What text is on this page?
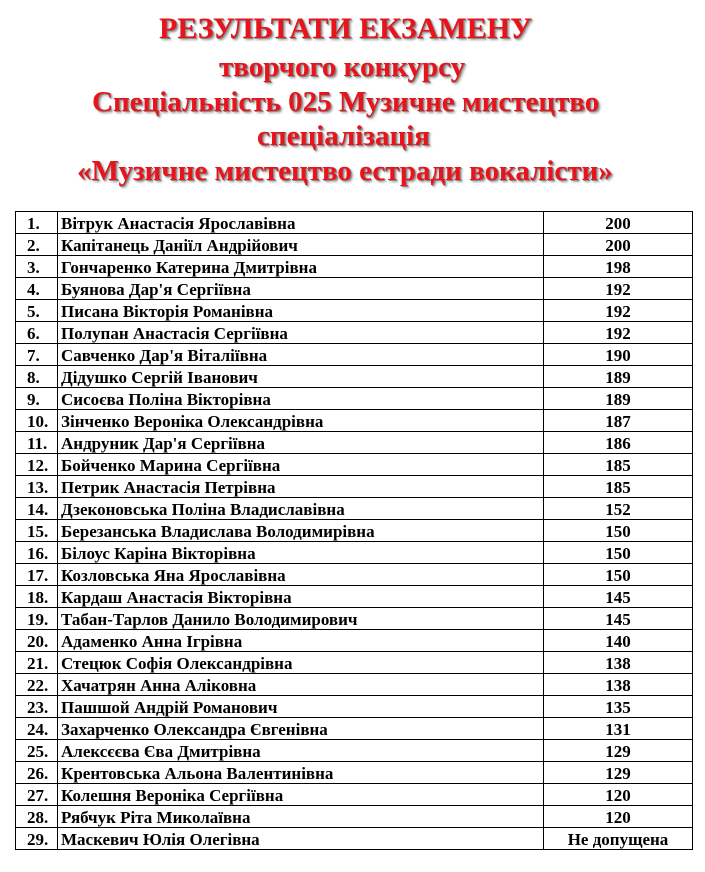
РЕЗУЛЬТАТИ ЕКЗАМЕНУ
творчого конкурсу
Спеціальність 025 Музичне мистецтво
спеціалізація
«Музичне мистецтво естради вокалісти»
1.	Вітрук Анастасія Ярославівна	200
2.	Капітанець Даніїл Андрійович	200
3.	Гончаренко Катерина Дмитрівна	198
4.	Буянова Дар'я Сергіївна	192
5.	Писана Вікторія Романівна	192
6.	Полупан Анастасія Сергіївна	192
7.	Савченко Дар'я Віталіївна	190
8.	Дідушко Сергій Іванович	189
9.	Сисоєва Поліна Вікторівна	189
10.	Зінченко Вероніка Олександрівна	187
11.	Андруник Дар'я Сергіївна	186
12.	Бойченко Марина Сергіївна	185
13.	Петрик Анастасія Петрівна	185
14.	Дзеконовська Поліна Владиславівна	152
15.	Березанська Владислава Володимирівна	150
16.	Білоус Каріна Вікторівна	150
17.	Козловська Яна Ярославівна	150
18.	Кардаш Анастасія Вікторівна	145
19.	Табан-Тарлов Данило Володимирович	145
20.	Адаменко Анна Ігрівна	140
21.	Стецюк Софія Олександрівна	138
22.	Хачатрян Анна Аліковна	138
23.	Пашшой Андрій Романович	135
24.	Захарченко Олександра Євгенівна	131
25.	Алексєєва Єва Дмитрівна	129
26.	Крентовська Альона Валентинівна	129
27.	Колешня Вероніка Сергіївна	120
28.	Рябчук Ріта Миколаївна	120
29.	Маскевич Юлія Олегівна	Не допущена
